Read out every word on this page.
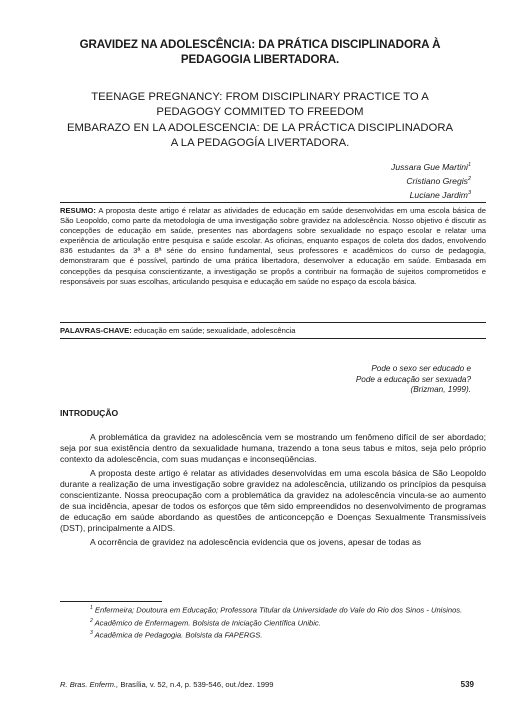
GRAVIDEZ NA ADOLESCÊNCIA: DA PRÁTICA DISCIPLINADORA À
PEDAGOGIA LIBERTADORA.
TEENAGE PREGNANCY: FROM DISCIPLINARY PRACTICE TO A
PEDAGOGY COMMITED TO FREEDOM
EMBARAZO EN LA ADOLESCENCIA: DE LA PRÁCTICA DISCIPLINADORA
A LA PEDAGOGÍA LIVERTADORA.
Jussara Gue Martini$^1$
Cristiano Gregis$^2$
Luciane Jardim$^3$
RESUMO: A proposta deste artigo é relatar as atividades de educação em saúde desenvolvidas em uma escola básica de São Leopoldo, como parte da metodologia de uma investigação sobre gravidez na adolescência. Nosso objetivo é discutir as concepções de educação em saúde, presentes nas abordagens sobre sexualidade no espaço escolar e relatar uma experiência de articulação entre pesquisa e saúde escolar. As oficinas, enquanto espaços de coleta dos dados, envolvendo 836 estudantes da 3ª a 8ª série do ensino fundamental, seus professores e acadêmicos do curso de pedagogia, demonstraram que é possível, partindo de uma prática libertadora, desenvolver a educação em saúde. Embasada em concepções da pesquisa conscientizante, a investigação se propôs a contribuir na formação de sujeitos comprometidos e responsáveis por suas escolhas, articulando pesquisa e educação em saúde no espaço da escola básica.
PALAVRAS-CHAVE: educação em saúde; sexualidade, adolescência
Pode o sexo ser educado e
Pode a educação ser sexuada?
(Brizman, 1999).
INTRODUÇÃO

A problemática da gravidez na adolescência vem se mostrando um fenômeno difícil de ser abordado; seja por sua existência dentro da sexualidade humana, trazendo a tona seus tabus e mitos, seja pelo próprio contexto da adolescência, com suas mudanças e inconseqüências.

A proposta deste artigo é relatar as atividades desenvolvidas em uma escola básica de São Leopoldo durante a realização de uma investigação sobre gravidez na adolescência, utilizando os princípios da pesquisa conscientizante. Nossa preocupação com a problemática da gravidez na adolescência vincula-se ao aumento de sua incidência, apesar de todos os esforços que têm sido empreendidos no desenvolvimento de programas de educação em saúde abordando as questões de anticoncepção e Doenças Sexualmente Transmissíveis (DST), principalmente a AIDS.

A ocorrência de gravidez na adolescência evidencia que os jovens, apesar de todas as

$^1$ Enfermeira; Doutoura em Educação; Professora Titular da Universidade do Vale do Rio dos Sinos - Unisinos.
$^2$ Acadêmico de Enfermagem. Bolsista de Iniciação Científica Unibic.
$^3$ Acadêmica de Pedagogia. Bolsista da FAPERGS.
R. Bras. Enferm., Brasília, v. 52, n.4, p. 539-546, out./dez. 1999	539
